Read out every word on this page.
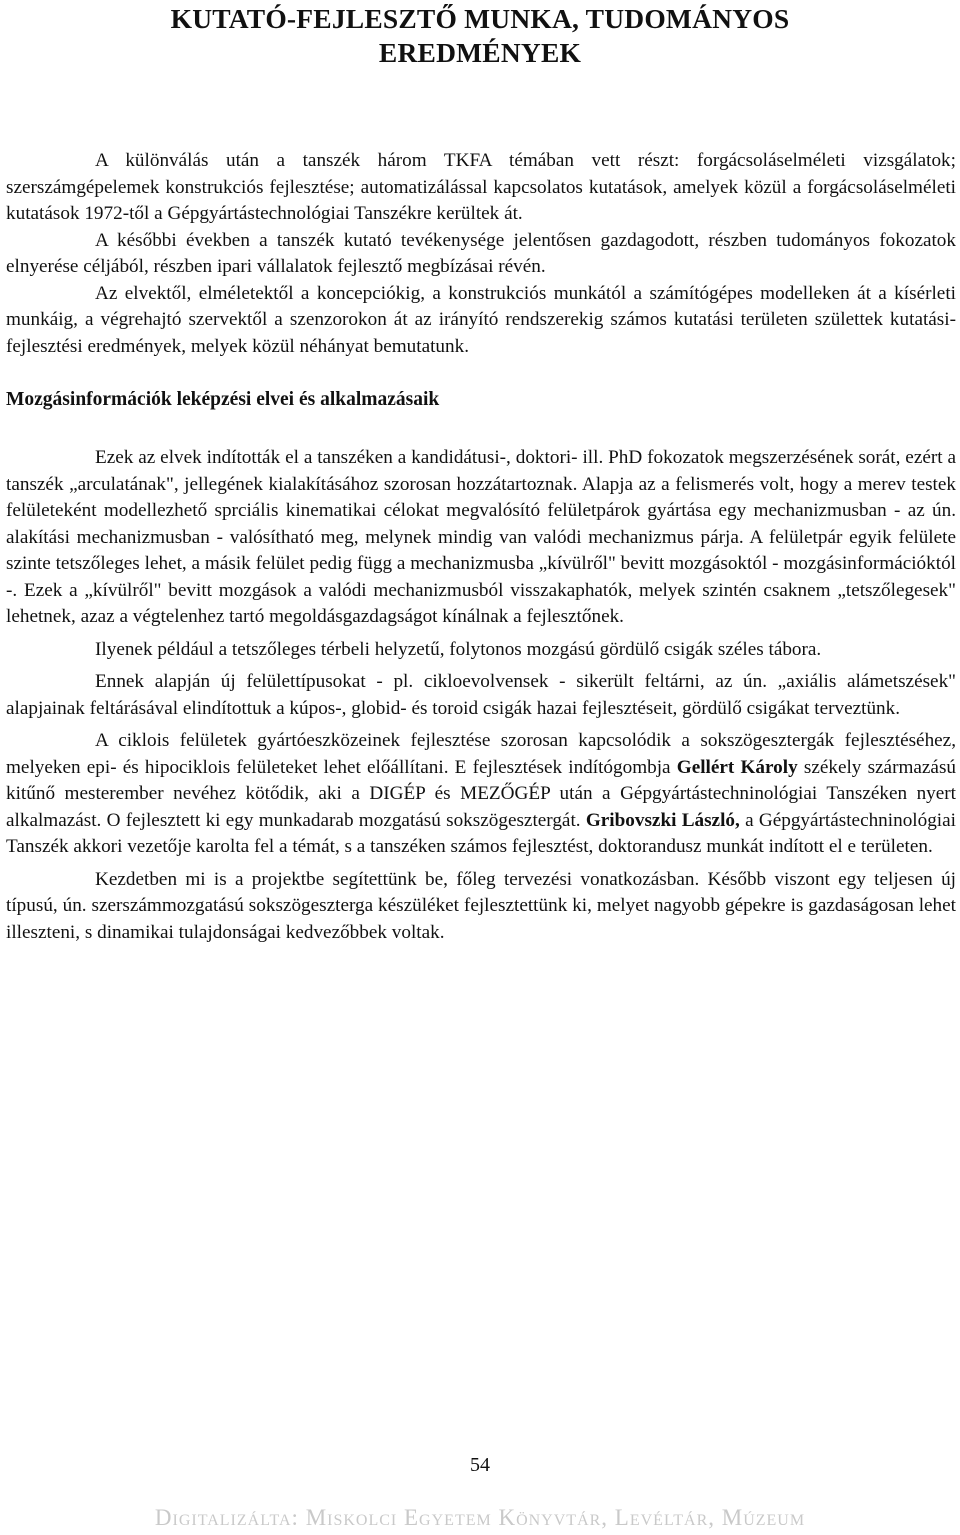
KUTATÓ-FEJLESZTŐ MUNKA, TUDOMÁNYOS
EREDMÉNYEK

A különválás után a tanszék három TKFA témában vett részt: forgácsoláselméleti vizsgálatok; szerszámgépelemek konstrukciós fejlesztése; automatizálással kapcsolatos kutatások, amelyek közül a forgácsoláselméleti kutatások 1972-től a Gépgyártástechnológiai Tanszékre kerültek át.

A későbbi években a tanszék kutató tevékenysége jelentősen gazdagodott, részben tudományos fokozatok elnyerése céljából, részben ipari vállalatok fejlesztő megbízásai révén.

Az elvektől, elméletektől a koncepciókig, a konstrukciós munkától a számítógépes modelleken át a kísérleti munkáig, a végrehajtó szervektől a szenzorokon át az irányító rendszerekig számos kutatási területen születtek kutatási-fejlesztési eredmények, melyek közül néhányat bemutatunk.

Mozgásinformációk leképzési elvei és alkalmazásaik

Ezek az elvek indították el a tanszéken a kandidátusi-, doktori- ill. PhD fokozatok megszerzésének sorát, ezért a tanszék „arculatának", jellegének kialakításához szorosan hozzátartoznak. Alapja az a felismerés volt, hogy a merev testek felületeként modellezhető sprciális kinematikai célokat megvalósító felületpárok gyártása egy mechanizmusban - az ún. alakítási mechanizmusban - valósítható meg, melynek mindig van valódi mechanizmus párja. A felületpár egyik felülete szinte tetszőleges lehet, a másik felület pedig függ a mechanizmusba „kívülről" bevitt mozgásoktól - mozgásinformációktól -. Ezek a „kívülről" bevitt mozgások a valódi mechanizmusból visszakaphatók, melyek szintén csaknem „tetszőlegesek" lehetnek, azaz a végtelenhez tartó megoldásgazdagságot kínálnak a fejlesztőnek.

Ilyenek például a tetszőleges térbeli helyzetű, folytonos mozgású gördülő csigák széles tábora.

Ennek alapján új felülettípusokat - pl. cikloevolvensek - sikerült feltárni, az ún. „axiális alámetszések" alapjainak feltárásával elindítottuk a kúpos-, globid- és toroid csigák hazai fejlesztéseit, gördülő csigákat terveztünk.

A ciklois felületek gyártóeszközeinek fejlesztése szorosan kapcsolódik a sokszögesztergák fejlesztéséhez, melyeken epi- és hipociklois felületeket lehet előállítani. E fejlesztések indítógombja Gellért Károly székely származású kitűnő mesterember nevéhez kötődik, aki a DIGÉP és MEZŐGÉP után a Gépgyártástechninológiai Tanszéken nyert alkalmazást. O fejlesztett ki egy munkadarab mozgatású sokszögesztergát. Gribovszki László, a Gépgyártástechninológiai Tanszék akkori vezetője karolta fel a témát, s a tanszéken számos fejlesztést, doktorandusz munkát indított el e területen.

Kezdetben mi is a projektbe segítettünk be, főleg tervezési vonatkozásban. Később viszont egy teljesen új típusú, ún. szerszámmozgatású sokszögesztergа készüléket fejlesztettünk ki, melyet nagyobb gépekre is gazdaságosan lehet illeszteni, s dinamikai tulajdonságai kedvezőbbek voltak.

54
Digitalizálta: Miskolci Egyetem Könyvtár, Levéltár, Múzeum
